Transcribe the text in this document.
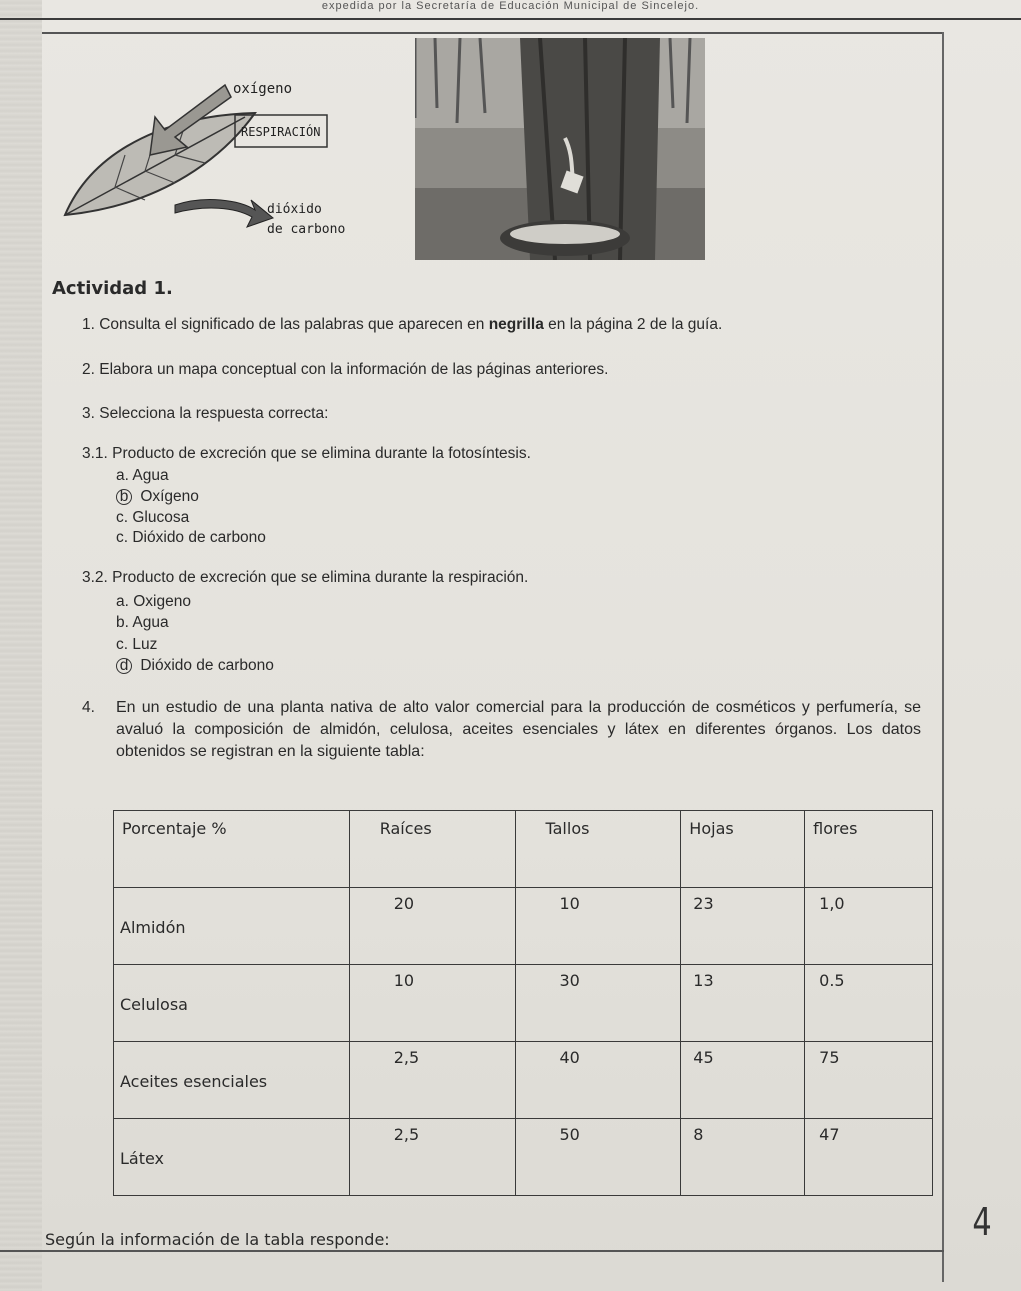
expedida por la Secretaría de Educación Municipal de Sincelejo.
oxígeno
RESPIRACIÓN
dióxido
de carbono
Actividad 1.
1. Consulta el significado de las palabras que aparecen en negrilla en la página 2 de la guía.
2. Elabora un mapa conceptual con la información de las páginas anteriores.
3. Selecciona la respuesta correcta:
3.1. Producto de excreción que se elimina durante la fotosíntesis.
a. Agua
b Oxígeno
c. Glucosa
c. Dióxido de carbono
3.2. Producto de excreción que se elimina durante la respiración.
a. Oxigeno
b. Agua
c. Luz
d Dióxido de carbono
4. En un estudio de una planta nativa de alto valor comercial para la producción de cosméticos y perfumería, se avaluó la composición de almidón, celulosa, aceites esenciales y látex en diferentes órganos. Los datos obtenidos se registran en la siguiente tabla:
Porcentaje %	Raíces	Tallos	Hojas	flores

Almidón	20	10	23	1,0

Celulosa	10	30	13	0.5

Aceites esenciales	2,5	40	45	75

Látex	2,5	50	8	47
Según la información de la tabla responde:	4
